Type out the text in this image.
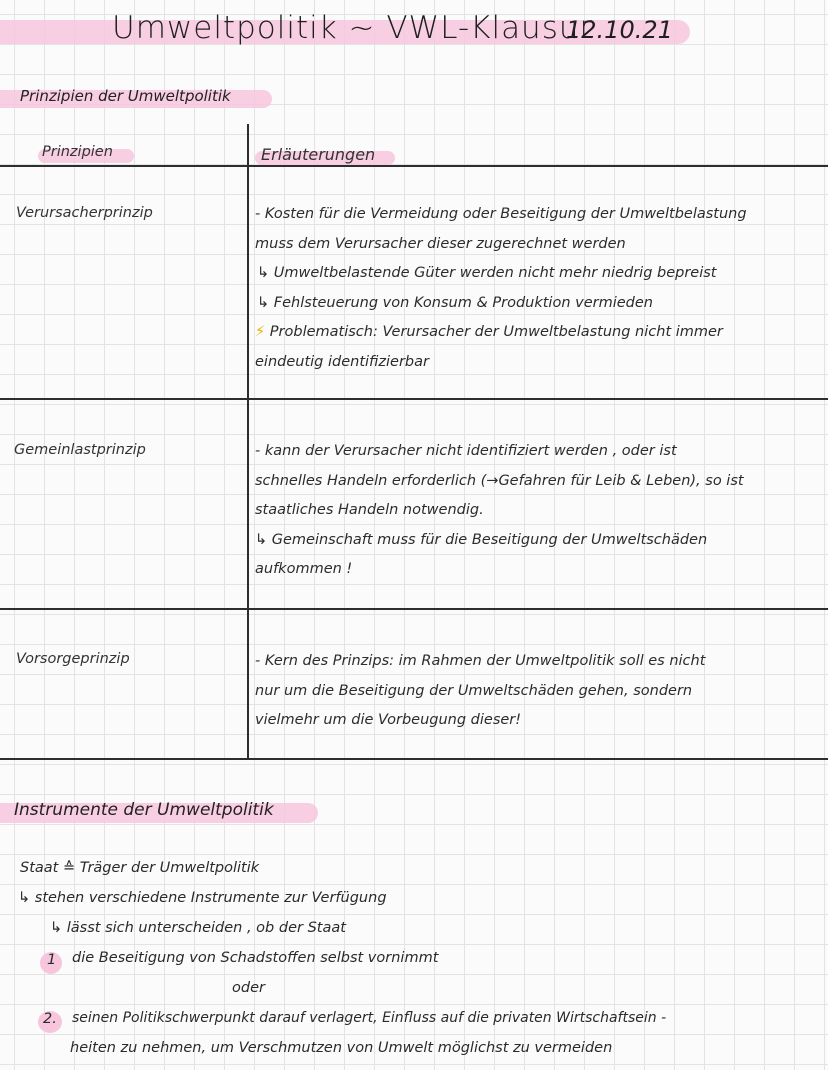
Umweltpolitik ~ VWL-Klausur
12.10.21
Prinzipien der Umweltpolitik
Prinzipien	Erläuterungen
Verursacherprinzip	- Kosten für die Vermeidung oder Beseitigung der Umweltbelastung
muss dem Verursacher dieser zugerechnet werden
↳ Umweltbelastende Güter werden nicht mehr niedrig bepreist
↳ Fehlsteuerung von Konsum & Produktion vermieden
⚡ Problematisch: Verursacher der Umweltbelastung nicht immer
eindeutig identifizierbar
Gemeinlastprinzip	- kann der Verursacher nicht identifiziert werden , oder ist
schnelles Handeln erforderlich (→Gefahren für Leib & Leben), so ist
staatliches Handeln notwendig.
↳ Gemeinschaft muss für die Beseitigung der Umweltschäden
aufkommen !
Vorsorgeprinzip	- Kern des Prinzips: im Rahmen der Umweltpolitik soll es nicht
nur um die Beseitigung der Umweltschäden gehen, sondern
vielmehr um die Vorbeugung dieser!
Instrumente der Umweltpolitik
Staat ≙ Träger der Umweltpolitik
↳ stehen verschiedene Instrumente zur Verfügung
↳ lässt sich unterscheiden , ob der Staat
1 die Beseitigung von Schadstoffen selbst vornimmt
oder
2. seinen Politikschwerpunkt darauf verlagert, Einfluss auf die privaten Wirtschaftsein -
heiten zu nehmen, um Verschmutzen von Umwelt möglichst zu vermeiden
